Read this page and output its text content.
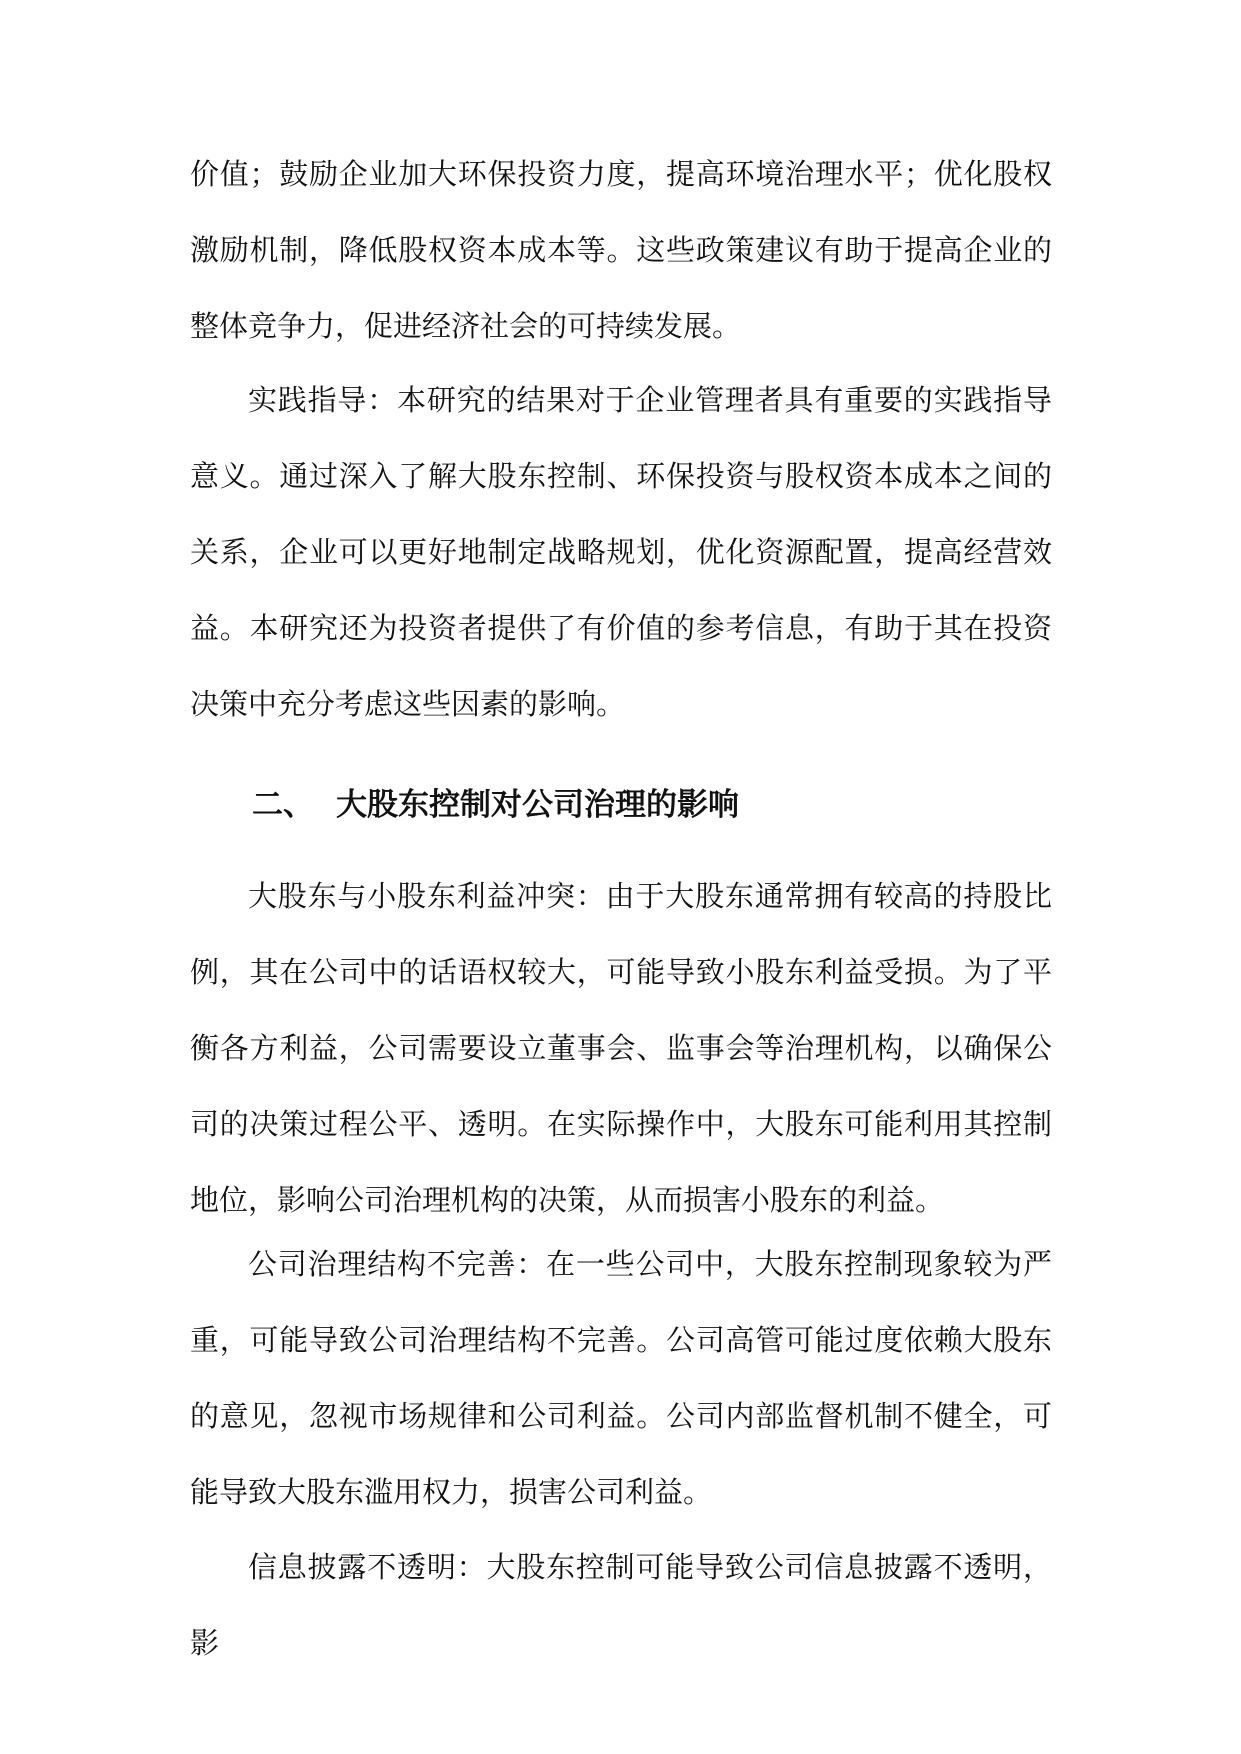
价值；鼓励企业加大环保投资力度，提高环境治理水平；优化股权激励机制，降低股权资本成本等。这些政策建议有助于提高企业的整体竞争力，促进经济社会的可持续发展。

实践指导：本研究的结果对于企业管理者具有重要的实践指导意义。通过深入了解大股东控制、环保投资与股权资本成本之间的关系，企业可以更好地制定战略规划，优化资源配置，提高经营效益。本研究还为投资者提供了有价值的参考信息，有助于其在投资决策中充分考虑这些因素的影响。

二、 大股东控制对公司治理的影响

大股东与小股东利益冲突：由于大股东通常拥有较高的持股比例，其在公司中的话语权较大，可能导致小股东利益受损。为了平衡各方利益，公司需要设立董事会、监事会等治理机构，以确保公司的决策过程公平、透明。在实际操作中，大股东可能利用其控制地位，影响公司治理机构的决策，从而损害小股东的利益。

公司治理结构不完善：在一些公司中，大股东控制现象较为严重，可能导致公司治理结构不完善。公司高管可能过度依赖大股东的意见，忽视市场规律和公司利益。公司内部监督机制不健全，可能导致大股东滥用权力，损害公司利益。

信息披露不透明：大股东控制可能导致公司信息披露不透明，影
